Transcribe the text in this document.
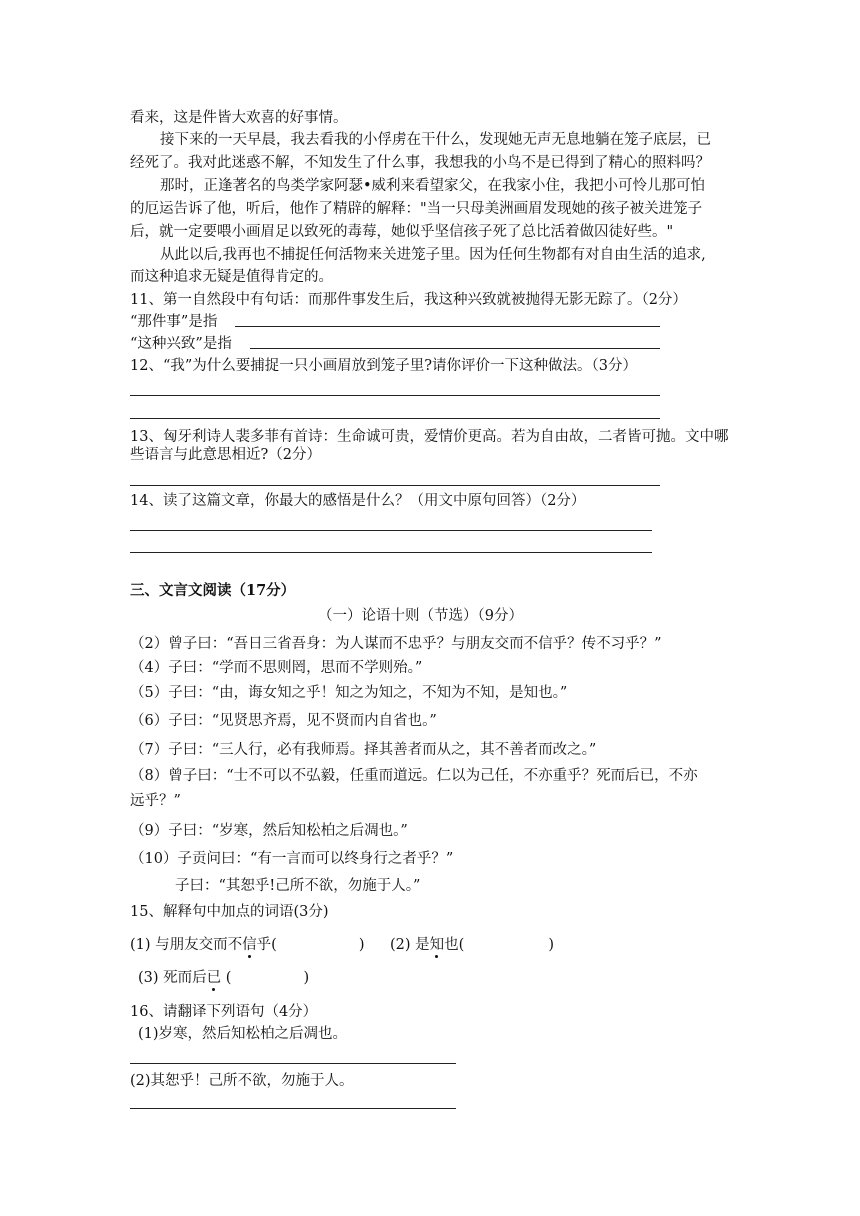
看来，这是件皆大欢喜的好事情。
接下来的一天早晨，我去看我的小俘虏在干什么，发现她无声无息地躺在笼子底层，已
经死了。我对此迷惑不解，不知发生了什么事，我想我的小鸟不是已得到了精心的照料吗？
那时，正逢著名的鸟类学家阿瑟•威利来看望家父，在我家小住，我把小可怜儿那可怕
的厄运告诉了他，听后，他作了精辟的解释："当一只母美洲画眉发现她的孩子被关进笼子
后，就一定要喂小画眉足以致死的毒莓，她似乎坚信孩子死了总比活着做囚徒好些。"
从此以后,我再也不捕捉任何活物来关进笼子里。因为任何生物都有对自由生活的追求,
而这种追求无疑是值得肯定的。
11、第一自然段中有句话：而那件事发生后，我这种兴致就被抛得无影无踪了。（2分）
“那件事”是指
“这种兴致”是指
12、“我”为什么要捕捉一只小画眉放到笼子里?请你评价一下这种做法。（3分）
13、匈牙利诗人裴多菲有首诗：生命诚可贵，爱情价更高。若为自由故，二者皆可抛。文中哪
些语言与此意思相近?（2分）
14、读了这篇文章，你最大的感悟是什么？（用文中原句回答）（2分）
三、文言文阅读（17分）
（一）论语十则（节选）（9分）
（2）曾子曰：“吾日三省吾身：为人谋而不忠乎？与朋友交而不信乎？传不习乎？”
（4）子曰：“学而不思则罔，思而不学则殆。”
（5）子曰：“由，诲女知之乎！知之为知之，不知为不知，是知也。”
（6）子曰：“见贤思齐焉，见不贤而内自省也。”
（7）子曰：“三人行，必有我师焉。择其善者而从之，其不善者而改之。”
（8）曾子曰：“士不可以不弘毅，任重而道远。仁以为己任，不亦重乎？死而后已，不亦
远乎？”
（9）子曰：“岁寒，然后知松柏之后凋也。”
（10）子贡问曰：“有一言而可以终身行之者乎？”
子曰：“其恕乎!己所不欲，勿施于人。”
15、解释句中加点的词语(3分)
(1) 与朋友交而不信乎(	) (2) 是知也(	)
(3) 死而后已 (	)
16、请翻译下列语句（4分）
(1)岁寒，然后知松柏之后凋也。
(2)其恕乎！己所不欲，勿施于人。
